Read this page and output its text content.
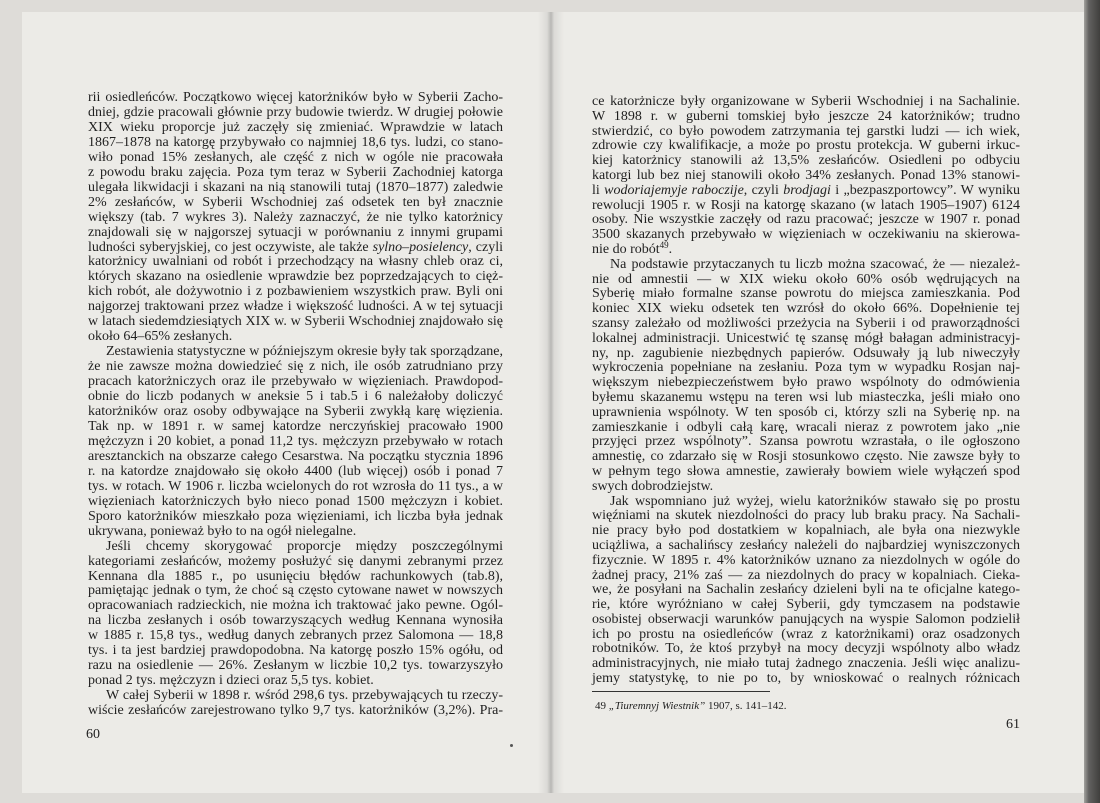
rii osiedleńców. Początkowo więcej katorżników było w Syberii Zacho-
dniej, gdzie pracowali głównie przy budowie twierdz. W drugiej połowie
XIX wieku proporcje już zaczęły się zmieniać. Wprawdzie w latach
1867–1878 na katorgę przybywało co najmniej 18,6 tys. ludzi, co stano-
wiło ponad 15% zesłanych, ale część z nich w ogóle nie pracowała
z powodu braku zajęcia. Poza tym teraz w Syberii Zachodniej katorga
ulegała likwidacji i skazani na nią stanowili tutaj (1870–1877) zaledwie
2% zesłańców, w Syberii Wschodniej zaś odsetek ten był znacznie
większy (tab. 7 wykres 3). Należy zaznaczyć, że nie tylko katorżnicy
znajdowali się w najgorszej sytuacji w porównaniu z innymi grupami
ludności syberyjskiej, co jest oczywiste, ale także sylno–posielency, czyli
katorżnicy uwalniani od robót i przechodzący na własny chleb oraz ci,
których skazano na osiedlenie wprawdzie bez poprzedzających to cięż-
kich robót, ale dożywotnio i z pozbawieniem wszystkich praw. Byli oni
najgorzej traktowani przez władze i większość ludności. A w tej sytuacji
w latach siedemdziesiątych XIX w. w Syberii Wschodniej znajdowało się
około 64–65% zesłanych.
Zestawienia statystyczne w późniejszym okresie były tak sporządzane,
że nie zawsze można dowiedzieć się z nich, ile osób zatrudniano przy
pracach katorżniczych oraz ile przebywało w więzieniach. Prawdopod-
obnie do liczb podanych w aneksie 5 i tab.5 i 6 należałoby doliczyć
katorżników oraz osoby odbywające na Syberii zwykłą karę więzienia.
Tak np. w 1891 r. w samej katordze nerczyńskiej pracowało 1900
mężczyzn i 20 kobiet, a ponad 11,2 tys. mężczyzn przebywało w rotach
aresztanckich na obszarze całego Cesarstwa. Na początku stycznia 1896
r. na katordze znajdowało się około 4400 (lub więcej) osób i ponad 7
tys. w rotach. W 1906 r. liczba wcielonych do rot wzrosła do 11 tys., a w
więzieniach katorżniczych było nieco ponad 1500 mężczyzn i kobiet.
Sporo katorżników mieszkało poza więzieniami, ich liczba była jednak
ukrywana, ponieważ było to na ogół nielegalne.
Jeśli chcemy skorygować proporcje między poszczególnymi
kategoriami zesłańców, możemy posłużyć się danymi zebranymi przez
Kennana dla 1885 r., po usunięciu błędów rachunkowych (tab.8),
pamiętając jednak o tym, że choć są często cytowane nawet w nowszych
opracowaniach radzieckich, nie można ich traktować jako pewne. Ogól-
na liczba zesłanych i osób towarzyszących według Kennana wynosiła
w 1885 r. 15,8 tys., według danych zebranych przez Salomona — 18,8
tys. i ta jest bardziej prawdopodobna. Na katorgę poszło 15% ogółu, od
razu na osiedlenie — 26%. Zesłanym w liczbie 10,2 tys. towarzyszyło
ponad 2 tys. mężczyzn i dzieci oraz 5,5 tys. kobiet.
W całej Syberii w 1898 r. wśród 298,6 tys. przebywających tu rzeczy-
wiście zesłańców zarejestrowano tylko 9,7 tys. katorżników (3,2%). Pra-
60
ce katorżnicze były organizowane w Syberii Wschodniej i na Sachalinie.
W 1898 r. w guberni tomskiej było jeszcze 24 katorżników; trudno
stwierdzić, co było powodem zatrzymania tej garstki ludzi — ich wiek,
zdrowie czy kwalifikacje, a może po prostu protekcja. W guberni irkuc-
kiej katorżnicy stanowili aż 13,5% zesłańców. Osiedleni po odbyciu
katorgi lub bez niej stanowili około 34% zesłanych. Ponad 13% stanowi-
li wodoriajemyje raboczije, czyli brodjagi i „bezpaszportowcy”. W wyniku
rewolucji 1905 r. w Rosji na katorgę skazano (w latach 1905–1907) 6124
osoby. Nie wszystkie zaczęły od razu pracować; jeszcze w 1907 r. ponad
3500 skazanych przebywało w więzieniach w oczekiwaniu na skierowa-
nie do robót$^{49}$.
Na podstawie przytaczanych tu liczb można szacować, że — niezależ-
nie od amnestii — w XIX wieku około 60% osób wędrujących na
Syberię miało formalne szanse powrotu do miejsca zamieszkania. Pod
koniec XIX wieku odsetek ten wzrósł do około 66%. Dopełnienie tej
szansy zależało od możliwości przeżycia na Syberii i od praworządności
lokalnej administracji. Unicestwić tę szansę mógł bałagan administracyj-
ny, np. zagubienie niezbędnych papierów. Odsuwały ją lub niweczyły
wykroczenia popełniane na zesłaniu. Poza tym w wypadku Rosjan naj-
większym niebezpieczeństwem było prawo wspólnoty do odmówienia
byłemu skazanemu wstępu na teren wsi lub miasteczka, jeśli miało ono
uprawnienia wspólnoty. W ten sposób ci, którzy szli na Syberię np. na
zamieszkanie i odbyli całą karę, wracali nieraz z powrotem jako „nie
przyjęci przez wspólnoty”. Szansa powrotu wzrastała, o ile ogłoszono
amnestię, co zdarzało się w Rosji stosunkowo często. Nie zawsze były to
w pełnym tego słowa amnestie, zawierały bowiem wiele wyłączeń spod
swych dobrodziejstw.
Jak wspomniano już wyżej, wielu katorżników stawało się po prostu
więźniami na skutek niezdolności do pracy lub braku pracy. Na Sachali-
nie pracy było pod dostatkiem w kopalniach, ale była ona niezwykle
uciążliwa, a sachalińscy zesłańcy należeli do najbardziej wyniszczonych
fizycznie. W 1895 r. 4% katorżników uznano za niezdolnych w ogóle do
żadnej pracy, 21% zaś — za niezdolnych do pracy w kopalniach. Cieka-
we, że posyłani na Sachalin zesłańcy dzieleni byli na te oficjalne katego-
rie, które wyróżniano w całej Syberii, gdy tymczasem na podstawie
osobistej obserwacji warunków panujących na wyspie Salomon podzielił
ich po prostu na osiedleńców (wraz z katorżnikami) oraz osadzonych
robotników. To, że ktoś przybył na mocy decyzji wspólnoty albo władz
administracyjnych, nie miało tutaj żadnego znaczenia. Jeśli więc analizu-
jemy statystykę, to nie po to, by wnioskować o realnych różnicach
49 „Tiuremnyj Wiestnik” 1907, s. 141–142.
61
